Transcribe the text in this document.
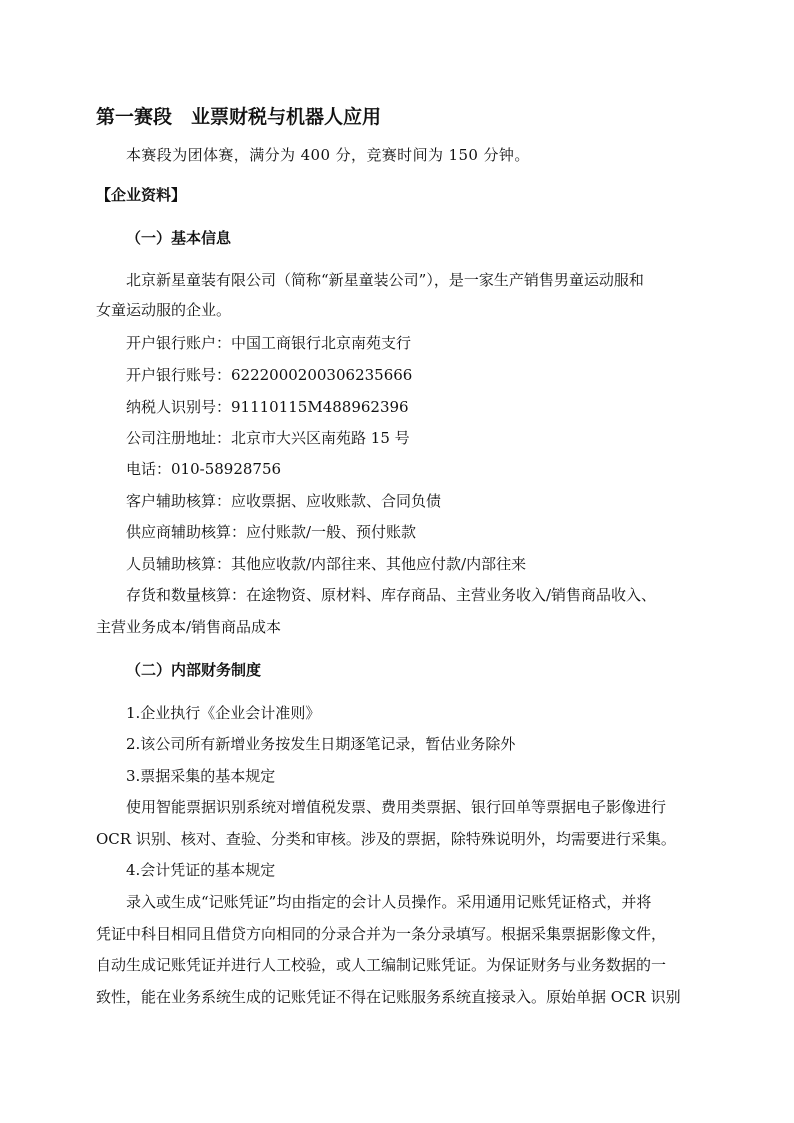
第一赛段　业票财税与机器人应用
本赛段为团体赛，满分为 400 分，竞赛时间为 150 分钟。
【企业资料】
（一）基本信息
北京新星童装有限公司（简称“新星童装公司”），是一家生产销售男童运动服和
女童运动服的企业。
开户银行账户：中国工商银行北京南苑支行
开户银行账号：6222000200306235666
纳税人识别号：91110115M488962396
公司注册地址：北京市大兴区南苑路 15 号
电话：010-58928756
客户辅助核算：应收票据、应收账款、合同负债
供应商辅助核算：应付账款/一般、预付账款
人员辅助核算：其他应收款/内部往来、其他应付款/内部往来
存货和数量核算：在途物资、原材料、库存商品、主营业务收入/销售商品收入、
主营业务成本/销售商品成本
（二）内部财务制度
1.企业执行《企业会计准则》
2.该公司所有新增业务按发生日期逐笔记录，暂估业务除外
3.票据采集的基本规定
使用智能票据识别系统对增值税发票、费用类票据、银行回单等票据电子影像进行
OCR 识别、核对、查验、分类和审核。涉及的票据，除特殊说明外，均需要进行采集。
4.会计凭证的基本规定
录入或生成“记账凭证”均由指定的会计人员操作。采用通用记账凭证格式，并将
凭证中科目相同且借贷方向相同的分录合并为一条分录填写。根据采集票据影像文件，
自动生成记账凭证并进行人工校验，或人工编制记账凭证。为保证财务与业务数据的一
致性，能在业务系统生成的记账凭证不得在记账服务系统直接录入。原始单据 OCR 识别
